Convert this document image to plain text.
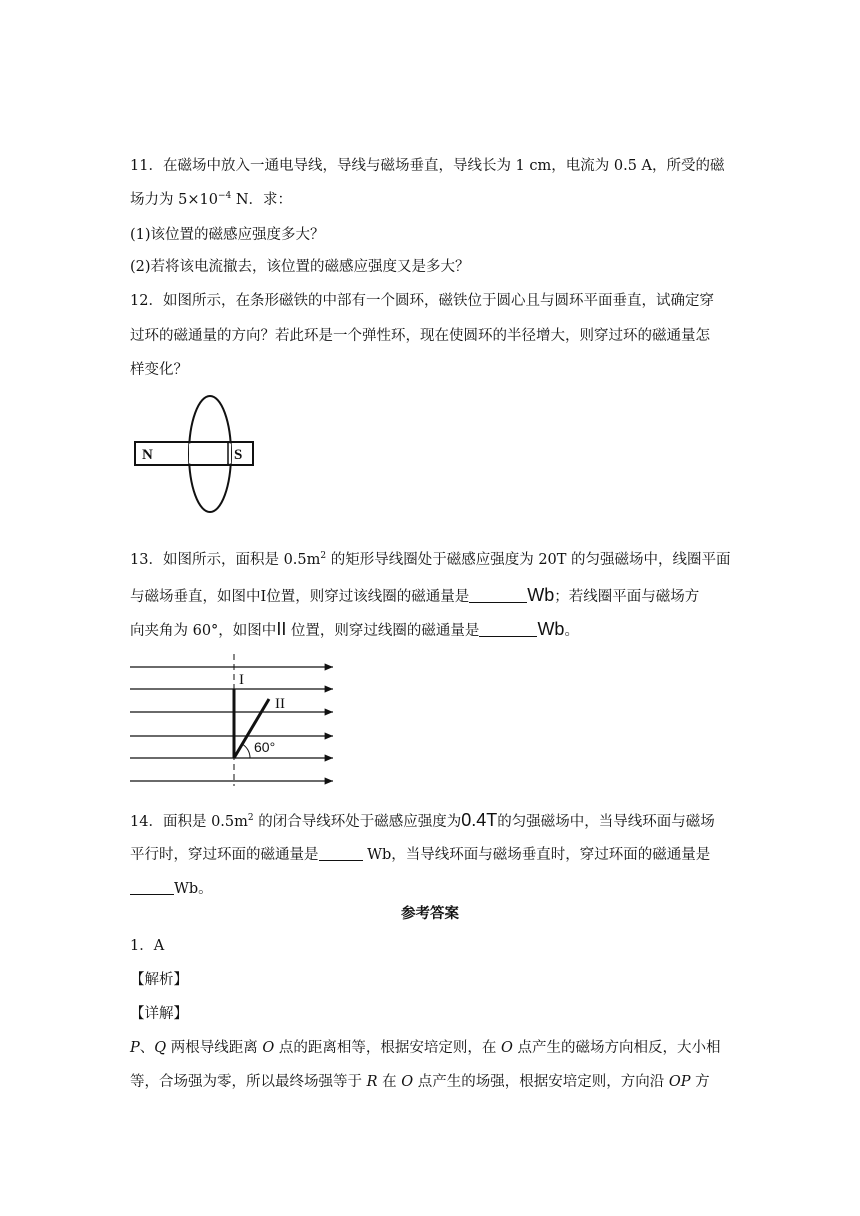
11．在磁场中放入一通电导线，导线与磁场垂直，导线长为 1 cm，电流为 0.5 A，所受的磁
场力为 $5\times 10^{-4}$ N．求：
(1)该位置的磁感应强度多大？
(2)若将该电流撤去，该位置的磁感应强度又是多大？
12．如图所示，在条形磁铁的中部有一个圆环，磁铁位于圆心且与圆环平面垂直，试确定穿
过环的磁通量的方向？若此环是一个弹性环，现在使圆环的半径增大，则穿过环的磁通量怎
样变化？
N	S
13．如图所示，面积是 $0.5m^2$ 的矩形导线圈处于磁感应强度为 20T 的匀强磁场中，线圈平面
与磁场垂直，如图中Ⅰ位置，则穿过该线圈的磁通量是	Wb；若线圈平面与磁场方
向夹角为 60°，如图中II 位置，则穿过线圈的磁通量是	Wb。
I
II
60°
14．面积是 $0.5m^2$ 的闭合导线环处于磁感应强度为0.4T的匀强磁场中，当导线环面与磁场
平行时，穿过环面的磁通量是	Wb，当导线环面与磁场垂直时，穿过环面的磁通量是
Wb。
参考答案
1．A
【解析】
【详解】
P、Q 两根导线距离 O 点的距离相等，根据安培定则，在 O 点产生的磁场方向相反，大小相
等，合场强为零，所以最终场强等于 R 在 O 点产生的场强，根据安培定则，方向沿 OP 方
